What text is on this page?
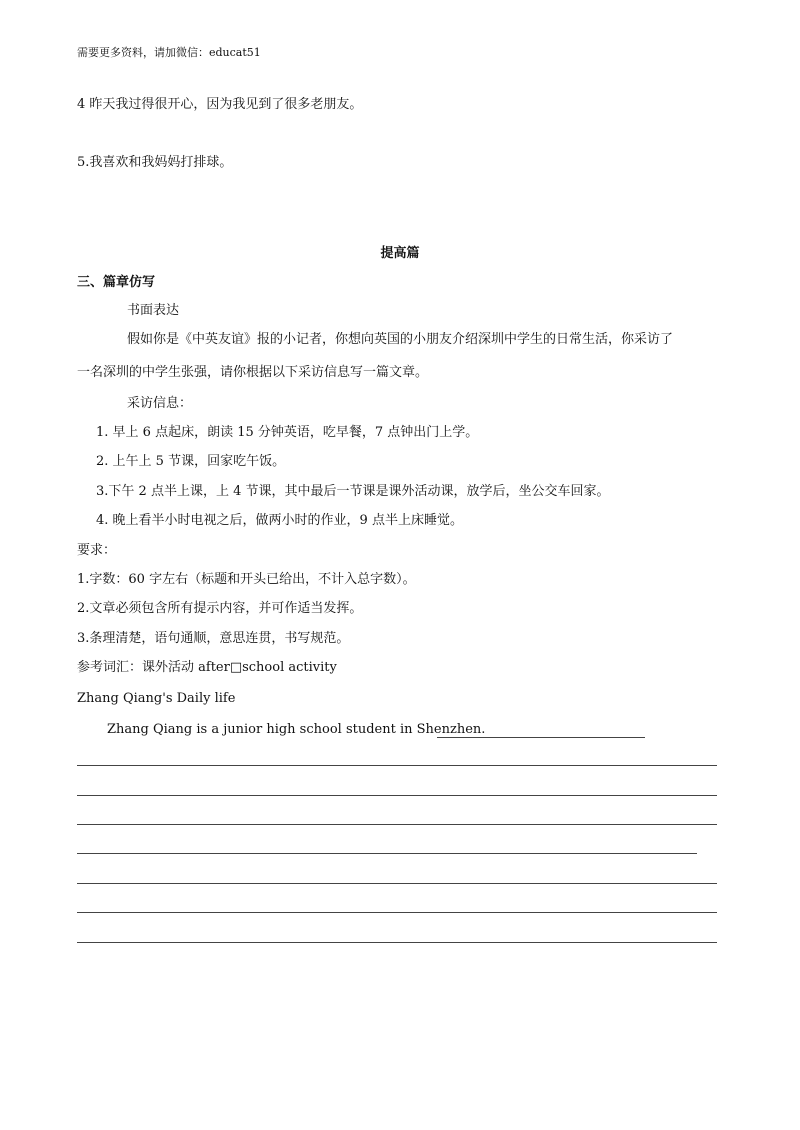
需要更多资料，请加微信：educat51
4 昨天我过得很开心，因为我见到了很多老朋友。
5.我喜欢和我妈妈打排球。
提高篇
三、篇章仿写
书面表达
假如你是《中英友谊》报的小记者，你想向英国的小朋友介绍深圳中学生的日常生活，你采访了
一名深圳的中学生张强，请你根据以下采访信息写一篇文章。
采访信息：
1. 早上 6 点起床，朗读 15 分钟英语，吃早餐，7 点钟出门上学。
2. 上午上 5 节课，回家吃午饭。
3.下午 2 点半上课，上 4 节课，其中最后一节课是课外活动课，放学后，坐公交车回家。
4. 晚上看半小时电视之后，做两小时的作业，9 点半上床睡觉。
要求：
1.字数：60 字左右（标题和开头已给出，不计入总字数）。
2.文章必须包含所有提示内容，并可作适当发挥。
3.条理清楚，语句通顺，意思连贯，书写规范。
参考词汇：课外活动 after□school activity
Zhang Qiang's Daily life
Zhang Qiang is a junior high school student in Shenzhen.
